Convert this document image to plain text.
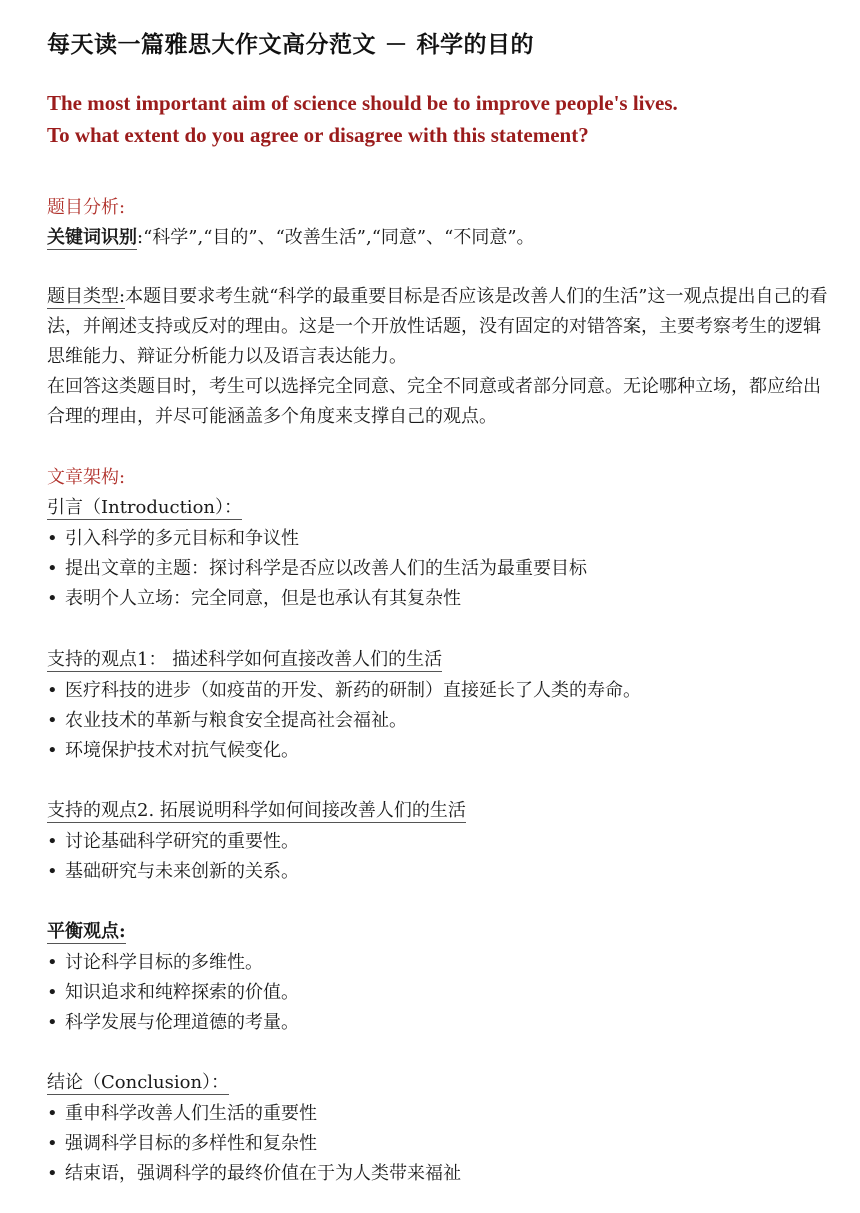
每天读一篇雅思大作文高分范文 － 科学的目的
The most important aim of science should be to improve people's lives.
To what extent do you agree or disagree with this statement?
题目分析:
关键词识别:“科学”,“目的”、“改善生活”,“同意”、“不同意”。
题目类型:本题目要求考生就“科学的最重要目标是否应该是改善人们的生活”这一观点提出自己的看法，并阐述支持或反对的理由。这是一个开放性话题，没有固定的对错答案，主要考察考生的逻辑思维能力、辩证分析能力以及语言表达能力。
在回答这类题目时，考生可以选择完全同意、完全不同意或者部分同意。无论哪种立场，都应给出合理的理由，并尽可能涵盖多个角度来支撑自己的观点。
文章架构:
引言（Introduction）：
• 引入科学的多元目标和争议性
• 提出文章的主题：探讨科学是否应以改善人们的生活为最重要目标
• 表明个人立场：完全同意，但是也承认有其复杂性
支持的观点1： 描述科学如何直接改善人们的生活
• 医疗科技的进步（如疫苗的开发、新药的研制）直接延长了人类的寿命。
• 农业技术的革新与粮食安全提高社会福祉。
• 环境保护技术对抗气候变化。
支持的观点2. 拓展说明科学如何间接改善人们的生活
• 讨论基础科学研究的重要性。
• 基础研究与未来创新的关系。
平衡观点:
• 讨论科学目标的多维性。
• 知识追求和纯粹探索的价值。
• 科学发展与伦理道德的考量。
结论（Conclusion）：
• 重申科学改善人们生活的重要性
• 强调科学目标的多样性和复杂性
• 结束语，强调科学的最终价值在于为人类带来福祉
